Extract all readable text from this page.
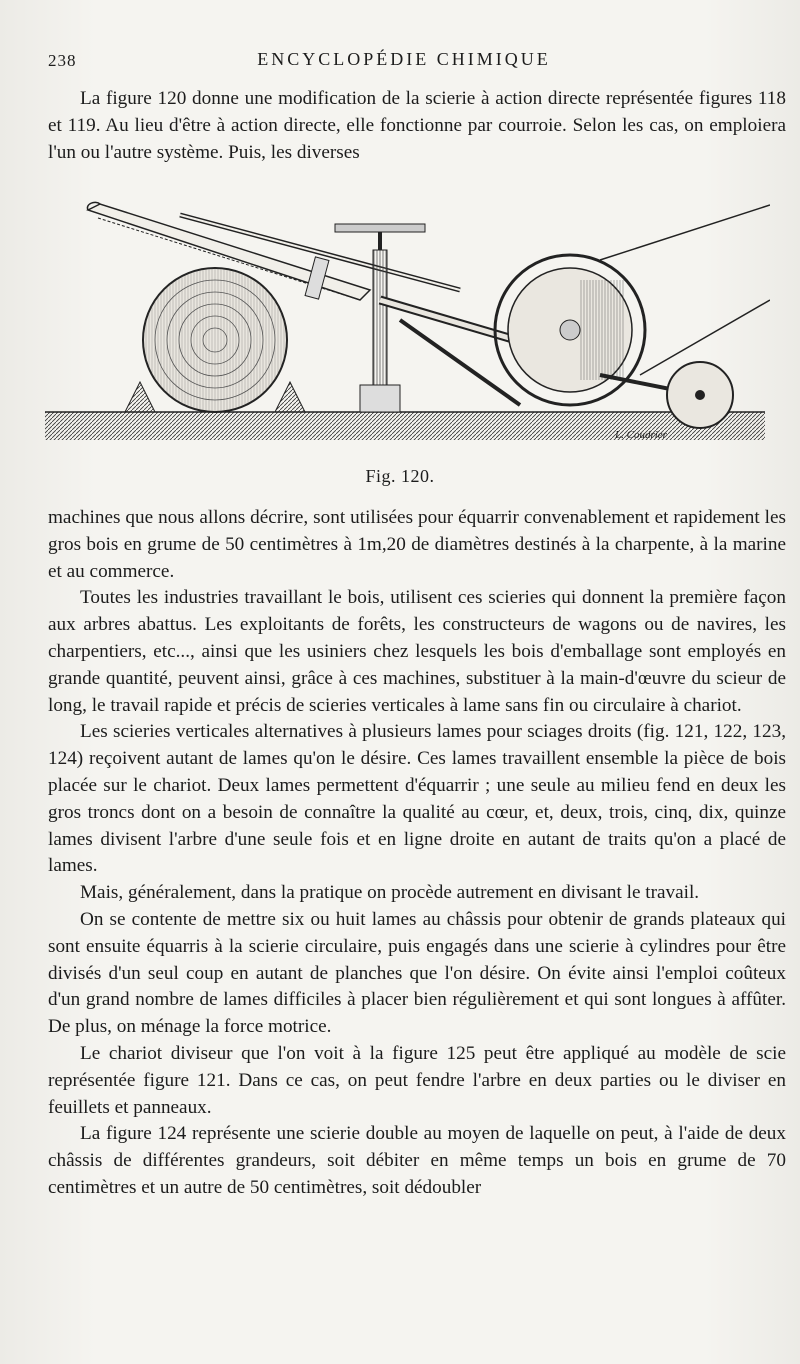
238	ENCYCLOPÉDIE CHIMIQUE

La figure 120 donne une modification de la scierie à action directe représentée figures 118 et 119. Au lieu d'être à action directe, elle fonctionne par courroie. Selon les cas, on emploiera l'un ou l'autre système. Puis, les diverses

L. Coudrier
Fig. 120.

machines que nous allons décrire, sont utilisées pour équarrir convenablement et rapidement les gros bois en grume de 50 centimètres à 1m,20 de diamètres destinés à la charpente, à la marine et au commerce.

Toutes les industries travaillant le bois, utilisent ces scieries qui donnent la première façon aux arbres abattus. Les exploitants de forêts, les constructeurs de wagons ou de navires, les charpentiers, etc..., ainsi que les usiniers chez lesquels les bois d'emballage sont employés en grande quantité, peuvent ainsi, grâce à ces machines, substituer à la main-d'œuvre du scieur de long, le travail rapide et précis de scieries verticales à lame sans fin ou circulaire à chariot.

Les scieries verticales alternatives à plusieurs lames pour sciages droits (fig. 121, 122, 123, 124) reçoivent autant de lames qu'on le désire. Ces lames travaillent ensemble la pièce de bois placée sur le chariot. Deux lames permettent d'équarrir ; une seule au milieu fend en deux les gros troncs dont on a besoin de connaître la qualité au cœur, et, deux, trois, cinq, dix, quinze lames divisent l'arbre d'une seule fois et en ligne droite en autant de traits qu'on a placé de lames.

Mais, généralement, dans la pratique on procède autrement en divisant le travail.

On se contente de mettre six ou huit lames au châssis pour obtenir de grands plateaux qui sont ensuite équarris à la scierie circulaire, puis engagés dans une scierie à cylindres pour être divisés d'un seul coup en autant de planches que l'on désire. On évite ainsi l'emploi coûteux d'un grand nombre de lames difficiles à placer bien régulièrement et qui sont longues à affûter. De plus, on ménage la force motrice.

Le chariot diviseur que l'on voit à la figure 125 peut être appliqué au modèle de scie représentée figure 121. Dans ce cas, on peut fendre l'arbre en deux parties ou le diviser en feuillets et panneaux.

La figure 124 représente une scierie double au moyen de laquelle on peut, à l'aide de deux châssis de différentes grandeurs, soit débiter en même temps un bois en grume de 70 centimètres et un autre de 50 centimètres, soit dédoubler
